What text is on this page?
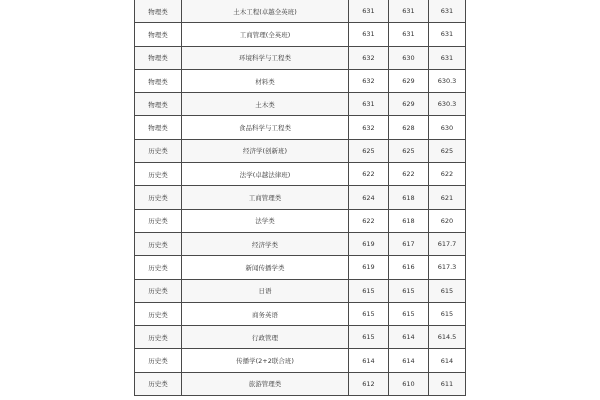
物理类	土木工程(卓越全英班)	631	631	631
物理类	工商管理(全英班)	631	631	631
物理类	环境科学与工程类	632	630	631
物理类	材料类	632	629	630.3
物理类	土木类	631	629	630.3
物理类	食品科学与工程类	632	628	630
历史类	经济学(创新班)	625	625	625
历史类	法学(卓越法律班)	622	622	622
历史类	工商管理类	624	618	621
历史类	法学类	622	618	620
历史类	经济学类	619	617	617.7
历史类	新闻传播学类	619	616	617.3
历史类	日语	615	615	615
历史类	商务英语	615	615	615
历史类	行政管理	615	614	614.5
历史类	传播学(2+2联合班)	614	614	614
历史类	旅游管理类	612	610	611
